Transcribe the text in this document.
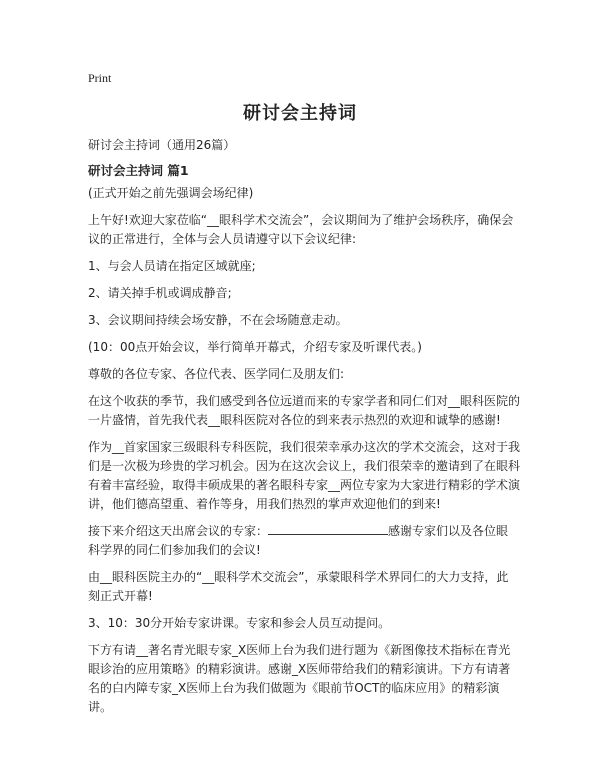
Print
研讨会主持词
研讨会主持词（通用26篇）
研讨会主持词 篇1

(正式开始之前先强调会场纪律)

上午好!欢迎大家莅临“__眼科学术交流会”，会议期间为了维护会场秩序，确保会议的正常进行，全体与会人员请遵守以下会议纪律:

1、与会人员请在指定区域就座;

2、请关掉手机或调成静音;

3、会议期间持续会场安静，不在会场随意走动。

(10：00点开始会议，举行简单开幕式，介绍专家及听课代表。)

尊敬的各位专家、各位代表、医学同仁及朋友们:

在这个收获的季节，我们感受到各位远道而来的专家学者和同仁们对__眼科医院的一片盛情，首先我代表__眼科医院对各位的到来表示热烈的欢迎和诚挚的感谢!

作为__首家国家三级眼科专科医院，我们很荣幸承办这次的学术交流会，这对于我们是一次极为珍贵的学习机会。因为在这次会议上，我们很荣幸的邀请到了在眼科有着丰富经验，取得丰硕成果的著名眼科专家__两位专家为大家进行精彩的学术演讲，他们德高望重、着作等身，用我们热烈的掌声欢迎他们的到来!

接下来介绍这天出席会议的专家：	感谢专家们以及各位眼科学界的同仁们参加我们的会议!

由__眼科医院主办的“__眼科学术交流会”，承蒙眼科学术界同仁的大力支持，此刻正式开幕!

3、10：30分开始专家讲课。专家和参会人员互动提问。

下方有请__著名青光眼专家_X医师上台为我们进行题为《新图像技术指标在青光眼诊治的应用策略》的精彩演讲。感谢_X医师带给我们的精彩演讲。下方有请著名的白内障专家_X医师上台为我们做题为《眼前节OCT的临床应用》的精彩演讲。
